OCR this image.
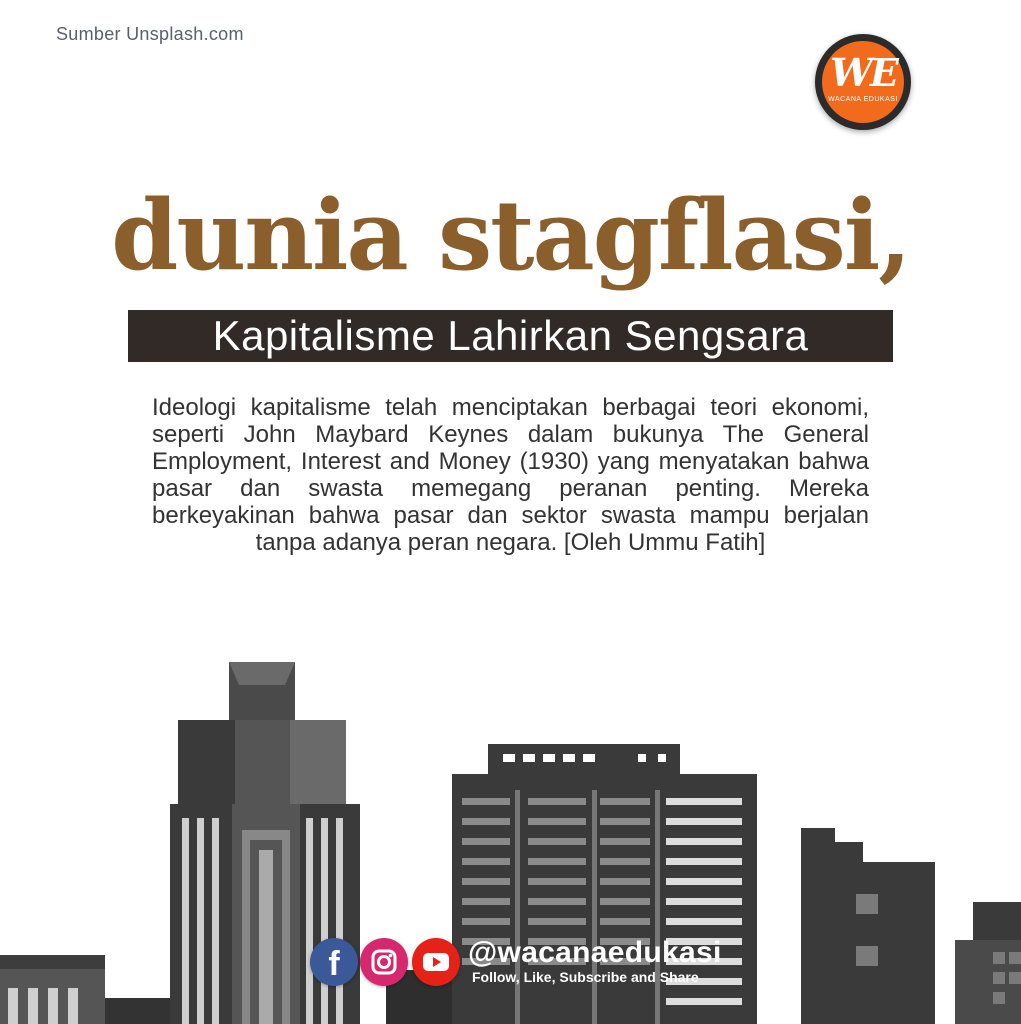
Sumber Unsplash.com
WE
WACANA EDUKASI
dunia stagflasi,
Kapitalisme Lahirkan Sengsara
Ideologi kapitalisme telah menciptakan berbagai teori ekonomi, seperti John Maybard Keynes dalam bukunya The General Employment, Interest and Money (1930) yang menyatakan bahwa pasar dan swasta memegang peranan penting. Mereka berkeyakinan bahwa pasar dan sektor swasta mampu berjalan tanpa adanya peran negara. [Oleh Ummu Fatih]
f	@wacanaedukasi
Follow, Like, Subscribe and Share
